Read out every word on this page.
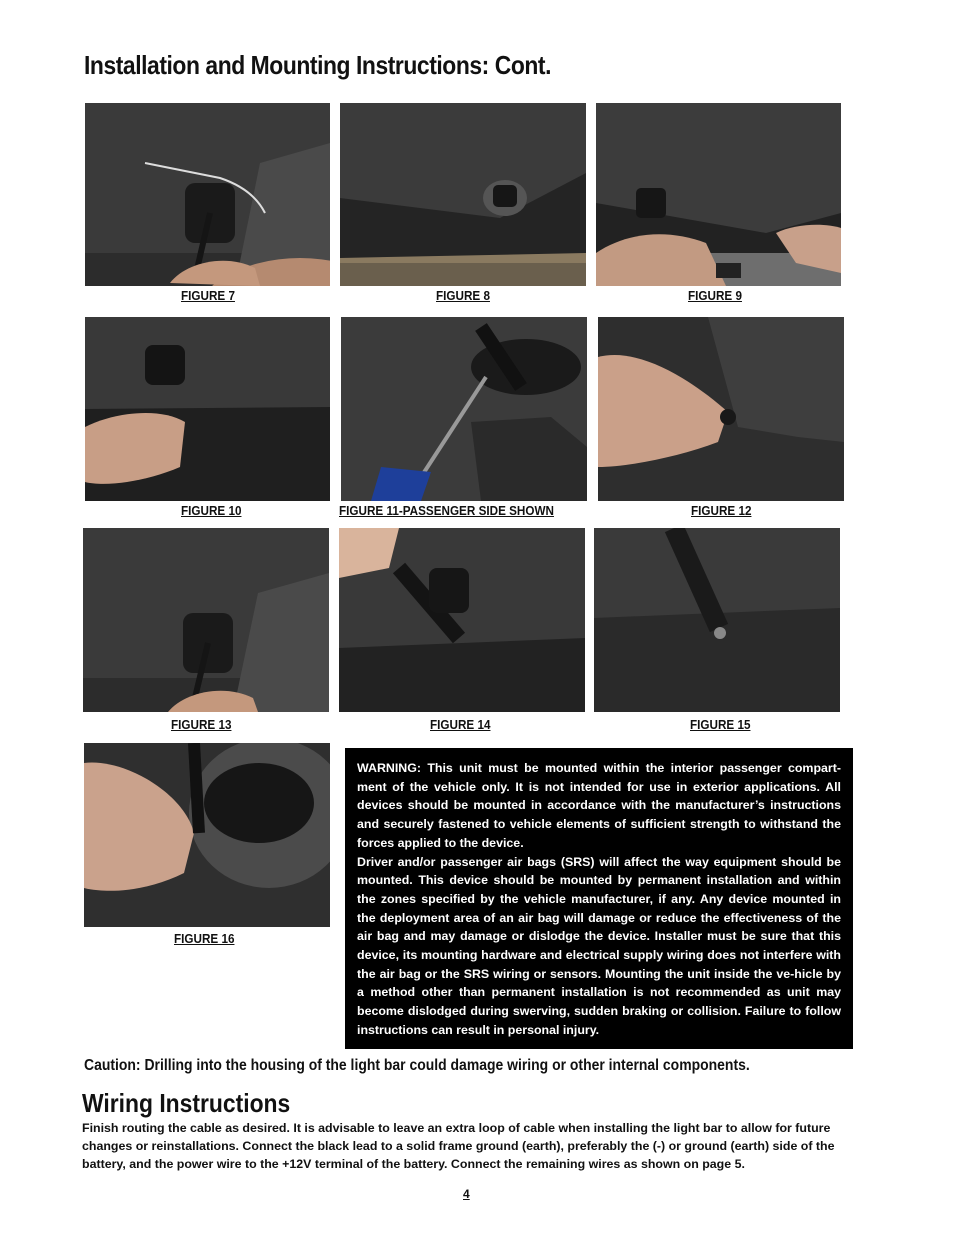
Installation and Mounting Instructions: Cont.
FIGURE 7	FIGURE 8	FIGURE 9
FIGURE 10	FIGURE 11-PASSENGER SIDE SHOWN	FIGURE 12
FIGURE 13	FIGURE 14	FIGURE 15
FIGURE 16

WARNING: This unit must be mounted within the interior passenger compart-ment of the vehicle only. It is not intended for use in exterior applications. All devices should be mounted in accordance with the manufacturer’s instructions and securely fastened to vehicle elements of sufficient strength to withstand the forces applied to the device.

Driver and/or passenger air bags (SRS) will affect the way equipment should be mounted. This device should be mounted by permanent installation and within the zones specified by the vehicle manufacturer, if any. Any device mounted in the deployment area of an air bag will damage or reduce the effectiveness of the air bag and may damage or dislodge the device. Installer must be sure that this device, its mounting hardware and electrical supply wiring does not interfere with the air bag or the SRS wiring or sensors. Mounting the unit inside the ve-hicle by a method other than permanent installation is not recommended as unit may become dislodged during swerving, sudden braking or collision. Failure to follow instructions can result in personal injury.

Caution: Drilling into the housing of the light bar could damage wiring or other internal components.
Wiring Instructions
Finish routing the cable as desired. It is advisable to leave an extra loop of cable when installing the light bar to allow for future changes or reinstallations. Connect the black lead to a solid frame ground (earth), preferably the (-) or ground (earth) side of the battery, and the power wire to the +12V terminal of the battery. Connect the remaining wires as shown on page 5.
4
